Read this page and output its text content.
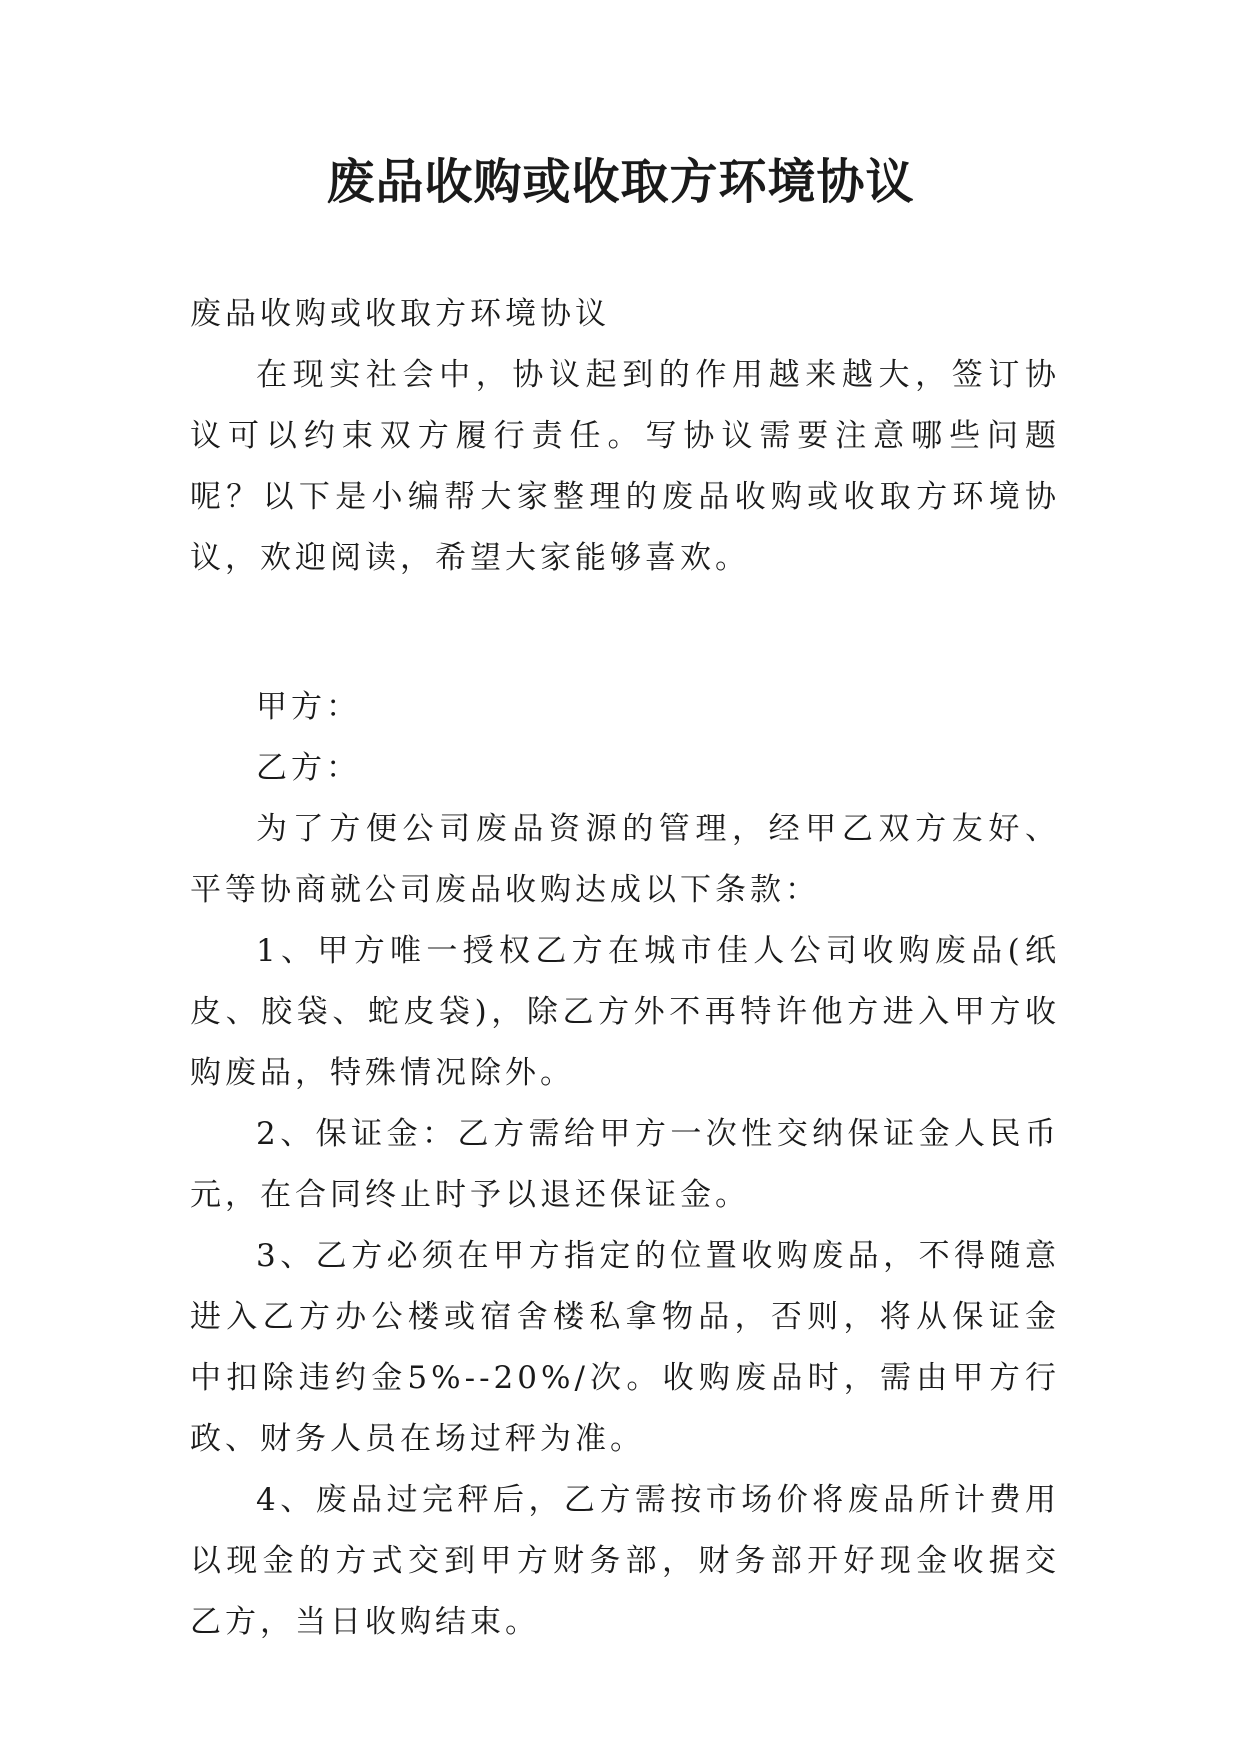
废品收购或收取方环境协议

废品收购或收取方环境协议

在现实社会中，协议起到的作用越来越大，签订协议可以约束双方履行责任。写协议需要注意哪些问题呢？以下是小编帮大家整理的废品收购或收取方环境协议，欢迎阅读，希望大家能够喜欢。

甲方：

乙方：

为了方便公司废品资源的管理，经甲乙双方友好、平等协商就公司废品收购达成以下条款：

1、甲方唯一授权乙方在城市佳人公司收购废品(纸皮、胶袋、蛇皮袋)，除乙方外不再特许他方进入甲方收购废品，特殊情况除外。

2、保证金：乙方需给甲方一次性交纳保证金人民币元，在合同终止时予以退还保证金。

3、乙方必须在甲方指定的位置收购废品，不得随意进入乙方办公楼或宿舍楼私拿物品，否则，将从保证金中扣除违约金5%--20%/次。收购废品时，需由甲方行政、财务人员在场过秤为准。

4、废品过完秤后，乙方需按市场价将废品所计费用以现金的方式交到甲方财务部，财务部开好现金收据交乙方，当日收购结束。
